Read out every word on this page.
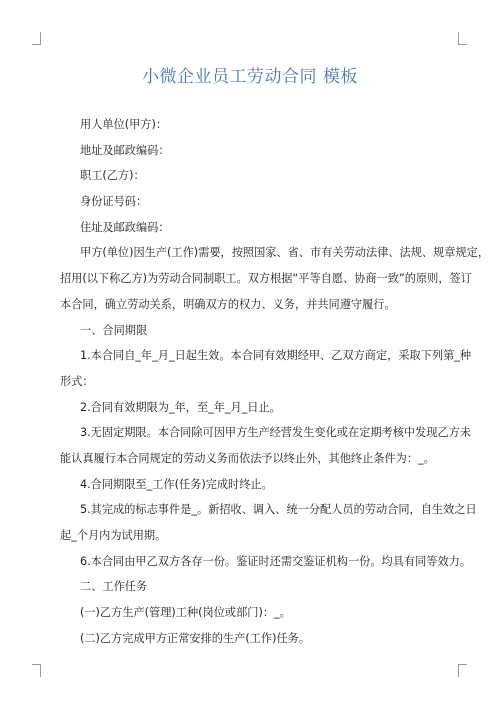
小微企业员工劳动合同 模板
用人单位(甲方)：
地址及邮政编码：
职工(乙方)：
身份证号码：
住址及邮政编码：
甲方(单位)因生产(工作)需要，按照国家、省、市有关劳动法律、法规、规章规定，
招用(以下称乙方)为劳动合同制职工。双方根据“平等自愿、协商一致”的原则，签订
本合同，确立劳动关系，明确双方的权力、义务，并共同遵守履行。
一、合同期限
1.本合同自_年_月_日起生效。本合同有效期经甲、乙双方商定，采取下列第_种
形式：
2.合同有效期限为_年，至_年_月_日止。
3.无固定期限。本合同除可因甲方生产经营发生变化或在定期考核中发现乙方未
能认真履行本合同规定的劳动义务而依法予以终止外，其他终止条件为：_。
4.合同期限至_工作(任务)完成时终止。
5.其完成的标志事件是_。新招收、调入、统一分配人员的劳动合同，自生效之日
起_个月内为试用期。
6.本合同由甲乙双方各存一份。鉴证时还需交鉴证机构一份。均具有同等效力。
二、工作任务
(一)乙方生产(管理)工种(岗位或部门)：_。
(二)乙方完成甲方正常安排的生产(工作)任务。
